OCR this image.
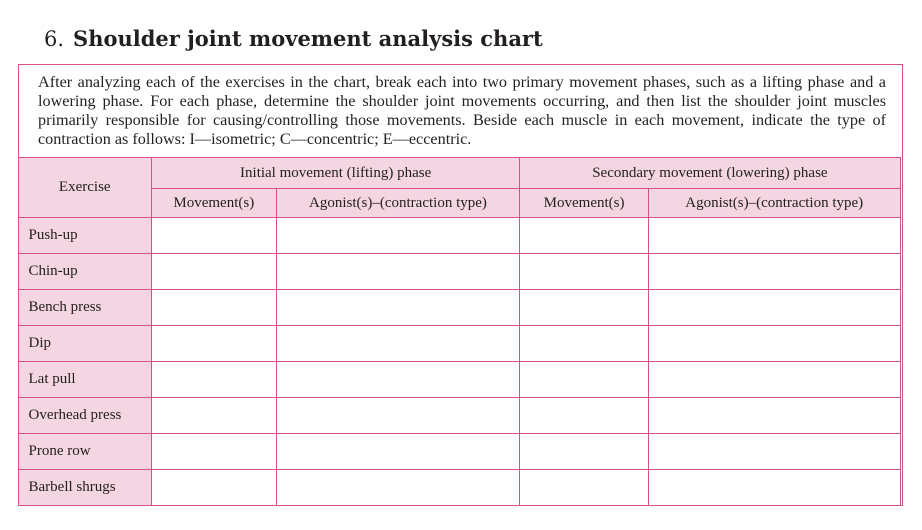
6. Shoulder joint movement analysis chart
After analyzing each of the exercises in the chart, break each into two primary movement phases, such as a lifting phase and a lowering phase. For each phase, determine the shoulder joint movements occurring, and then list the shoulder joint muscles primarily responsible for causing/controlling those movements. Beside each muscle in each movement, indicate the type of contraction as follows: I—isometric; C—concentric; E—eccentric.
Exercise	Initial movement (lifting) phase		Secondary movement (lowering) phase	
	Movement(s)	Agonist(s)–(contraction type)	Movement(s)	Agonist(s)–(contraction type)
Push-up				
Chin-up				
Bench press				
Dip				
Lat pull				
Overhead press				
Prone row				
Barbell shrugs				
